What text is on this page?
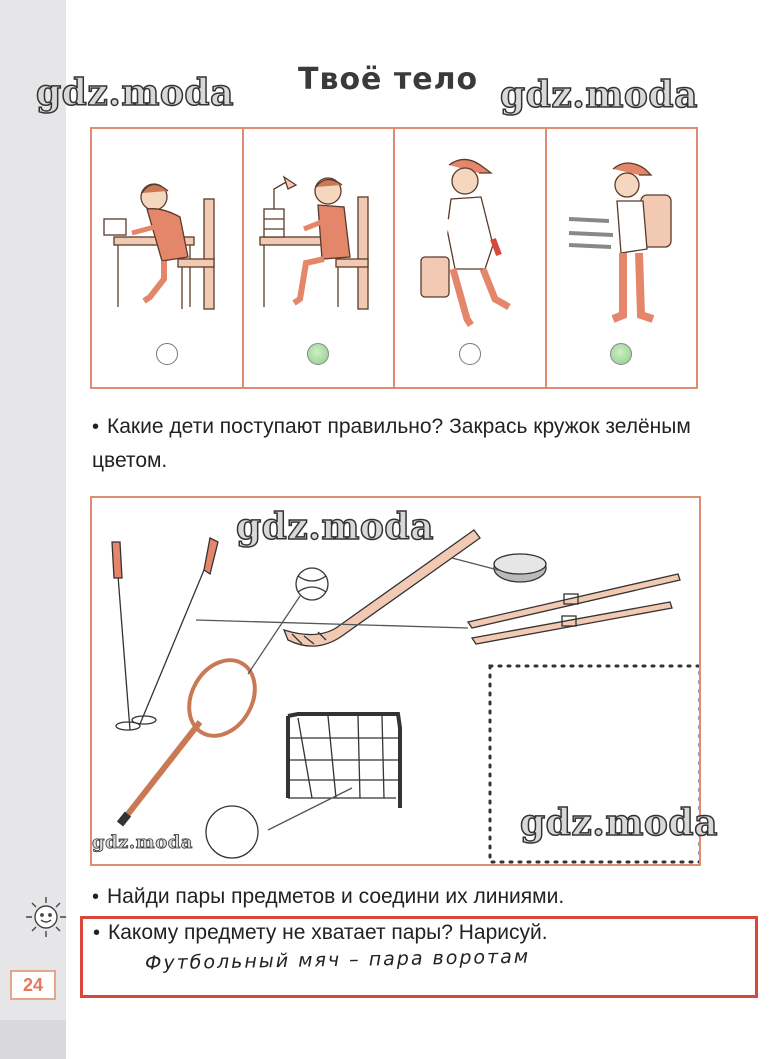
Твоё тело
gdz.moda	gdz.moda
• Какие дети поступают правильно? Закрась кружок зелёным цветом.
gdz.moda
gdz.moda
gdz.moda
• Найди пары предметов и соедини их линиями.
• Какому предмету не хватает пары? Нарисуй.
Футбольный мяч – пара воротам
24
